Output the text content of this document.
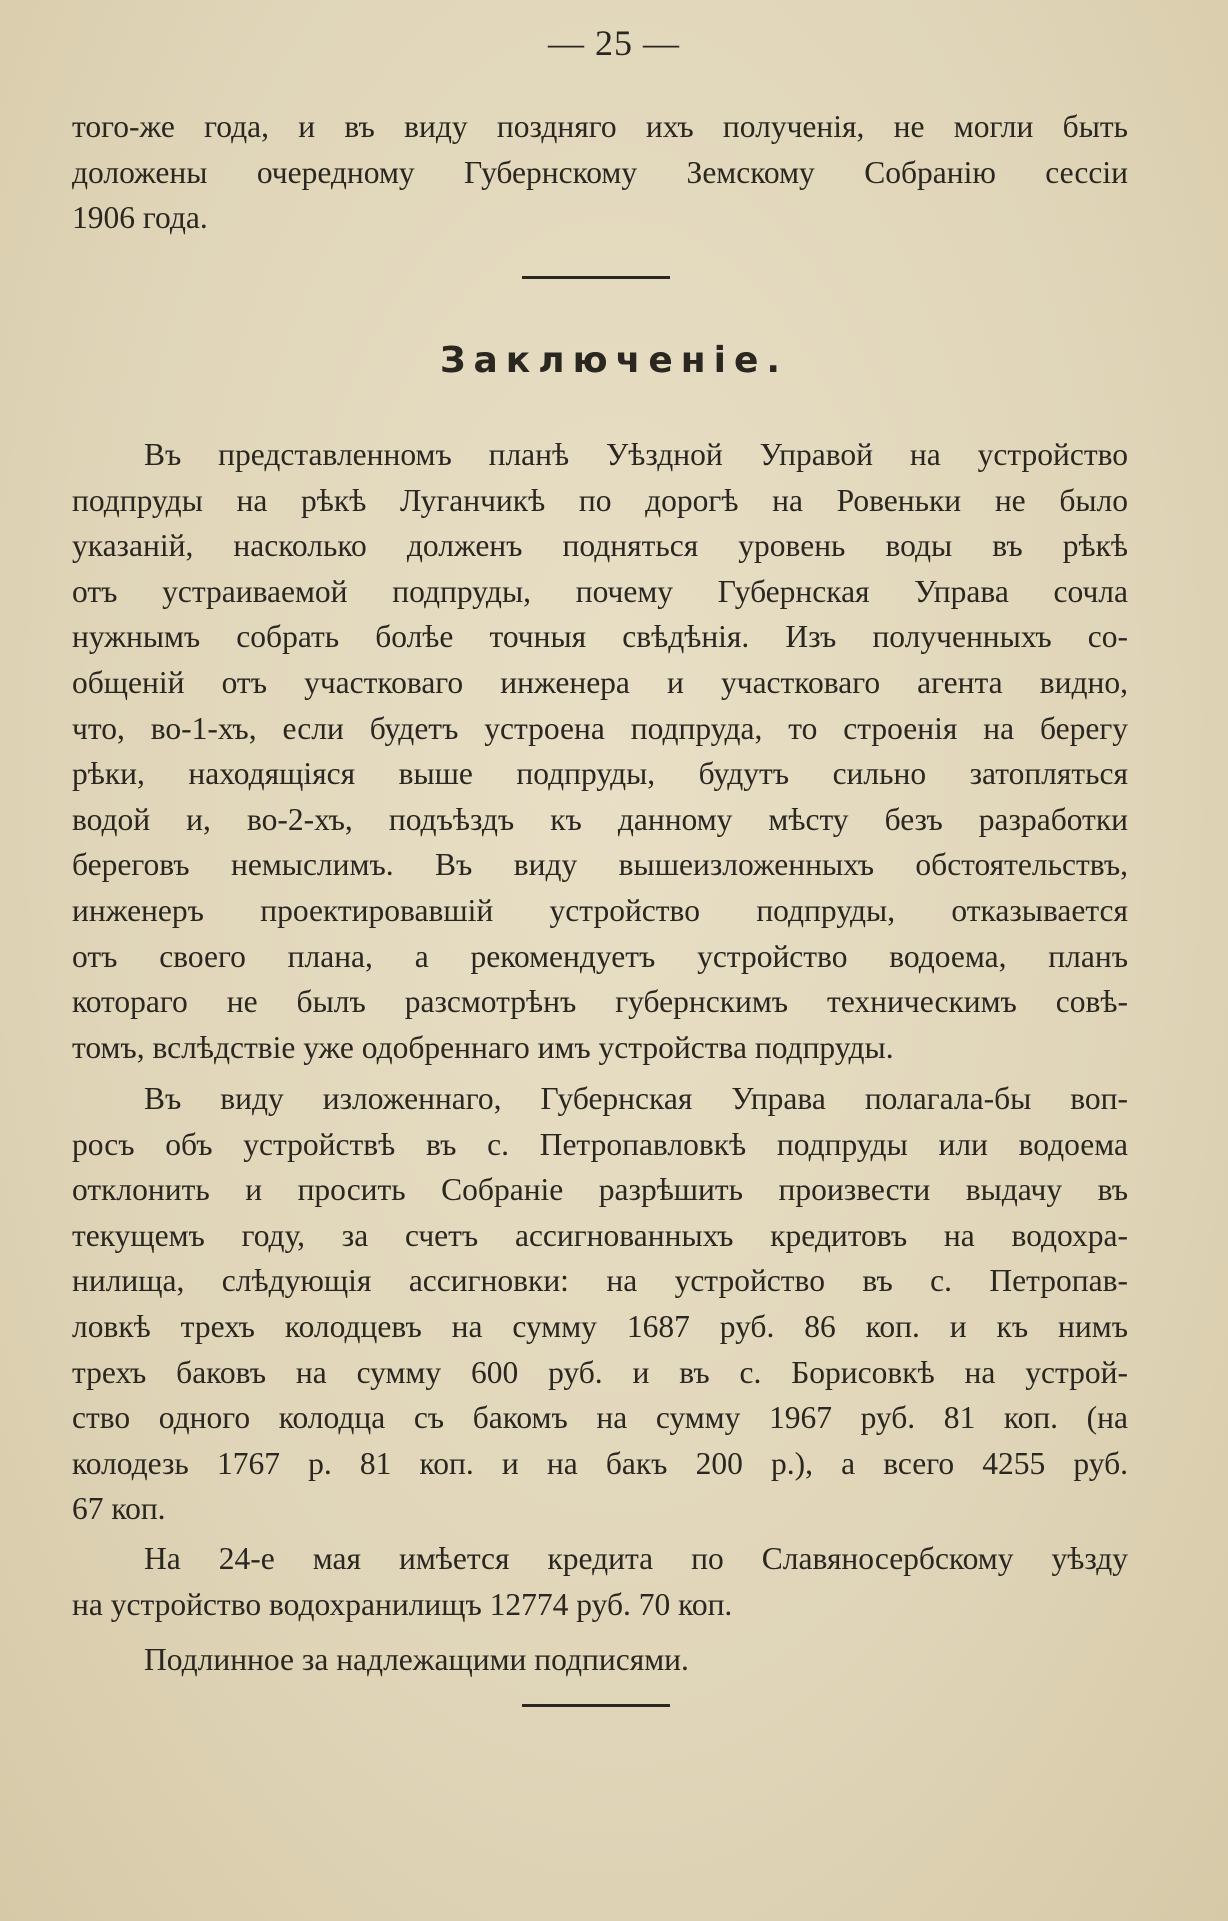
— 25 —

того-же года, и въ виду поздняго ихъ полученія, не могли быть
доложены очередному Губернскому Земскому Собранію сессіи
1906 года.

Заключеніе.

Въ представленномъ планѣ Уѣздной Управой на устройство
подпруды на рѣкѣ Луганчикѣ по дорогѣ на Ровеньки не было
указаній, насколько долженъ подняться уровень воды въ рѣкѣ
отъ устраиваемой подпруды, почему Губернская Управа сочла
нужнымъ собрать болѣе точныя свѣдѣнія. Изъ полученныхъ со-
общеній отъ участковаго инженера и участковаго агента видно,
что, во-1-хъ, если будетъ устроена подпруда, то строенія на берегу
рѣки, находящіяся выше подпруды, будутъ сильно затопляться
водой и, во-2-хъ, подъѣздъ къ данному мѣсту безъ разработки
береговъ немыслимъ. Въ виду вышеизложенныхъ обстоятельствъ,
инженеръ проектировавшій устройство подпруды, отказывается
отъ своего плана, а рекомендуетъ устройство водоема, планъ
котораго не былъ разсмотрѣнъ губернскимъ техническимъ совѣ-
томъ, вслѣдствіе уже одобреннаго имъ устройства подпруды.

Въ виду изложеннаго, Губернская Управа полагала-бы воп-
росъ объ устройствѣ въ с. Петропавловкѣ подпруды или водоема
отклонить и просить Собраніе разрѣшить произвести выдачу въ
текущемъ году, за счетъ ассигнованныхъ кредитовъ на водохра-
нилища, слѣдующія ассигновки: на устройство въ с. Петропав-
ловкѣ трехъ колодцевъ на сумму 1687 руб. 86 коп. и къ нимъ
трехъ баковъ на сумму 600 руб. и въ с. Борисовкѣ на устрой-
ство одного колодца съ бакомъ на сумму 1967 руб. 81 коп. (на
колодезь 1767 р. 81 коп. и на бакъ 200 р.), а всего 4255 руб.
67 коп.

На 24-е мая имѣется кредита по Славяносербскому уѣзду
на устройство водохранилищъ 12774 руб. 70 коп.

Подлинное за надлежащими подписями.
